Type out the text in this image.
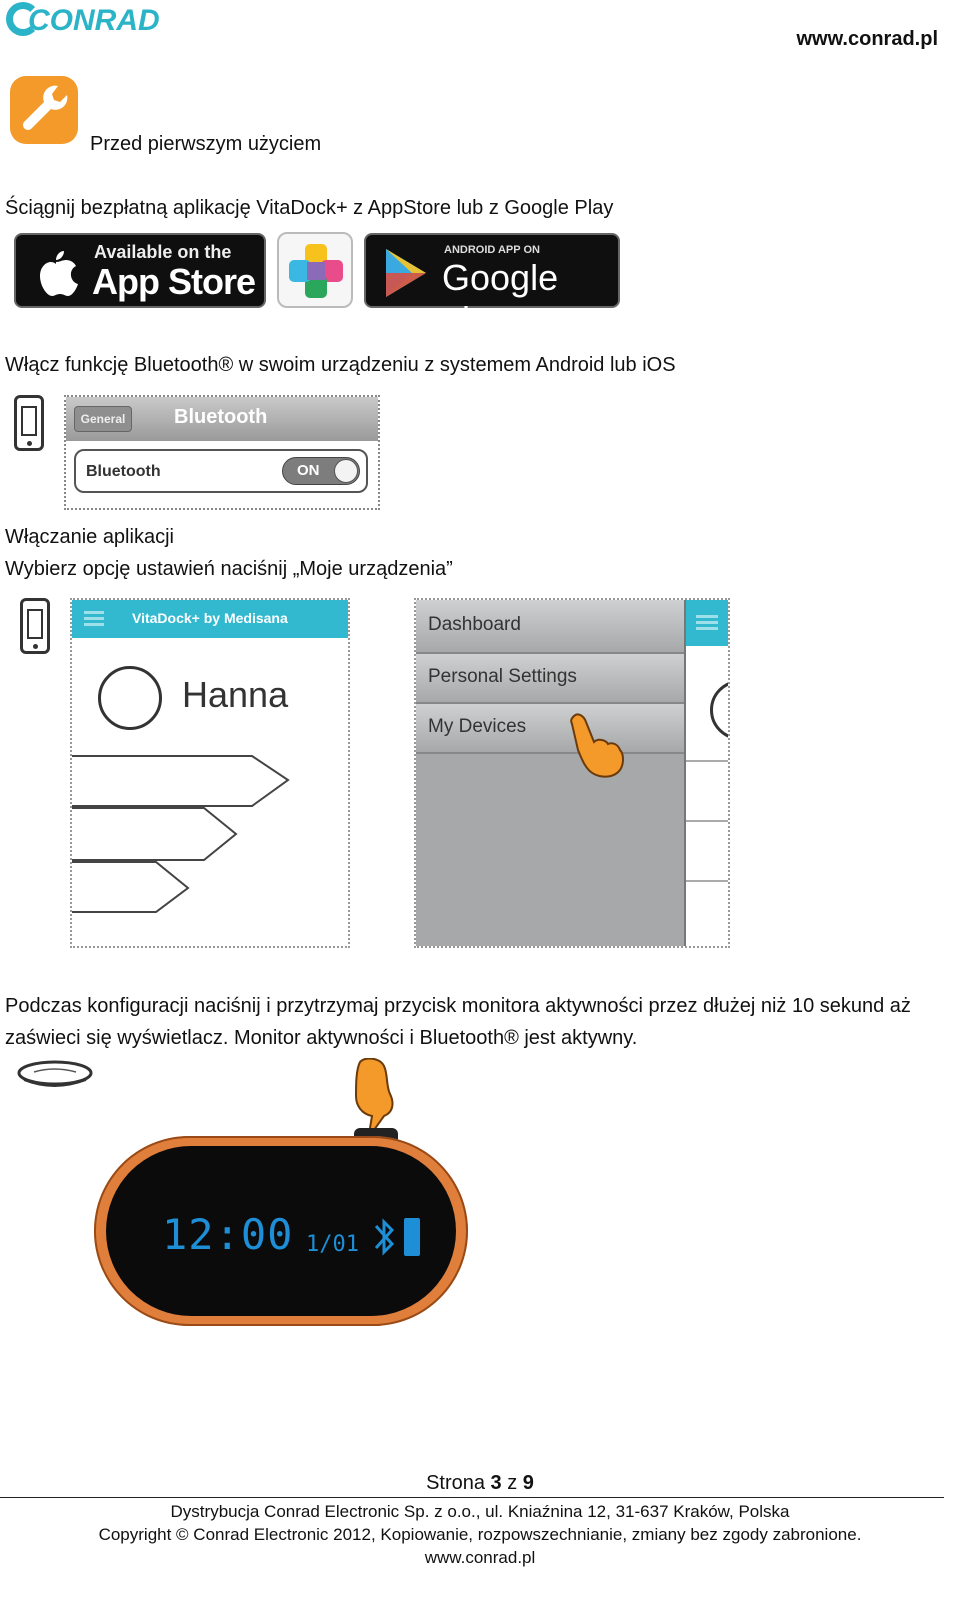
CONRAD
www.conrad.pl
Przed pierwszym użyciem
Ściągnij bezpłatną aplikację VitaDock+ z AppStore lub z Google Play
Available on the
App Store
ANDROID APP ON
Google play
Włącz funkcję Bluetooth® w swoim urządzeniu z systemem Android lub iOS
General	Bluetooth
Bluetooth	ON
Włączanie aplikacji
Wybierz opcję ustawień naciśnij „Moje urządzenia”
VitaDock+ by Medisana
Hanna
Dashboard
Personal Settings
My Devices
Podczas konfiguracji naciśnij i przytrzymaj przycisk monitora aktywności przez dłużej niż 10 sekund aż
zaświeci się wyświetlacz. Monitor aktywności i Bluetooth® jest aktywny.
12:00 1/01
Strona 3 z 9
Dystrybucja Conrad Electronic Sp. z o.o., ul. Kniaźnina 12, 31-637 Kraków, Polska
Copyright © Conrad Electronic 2012, Kopiowanie, rozpowszechnianie, zmiany bez zgody zabronione.
www.conrad.pl
